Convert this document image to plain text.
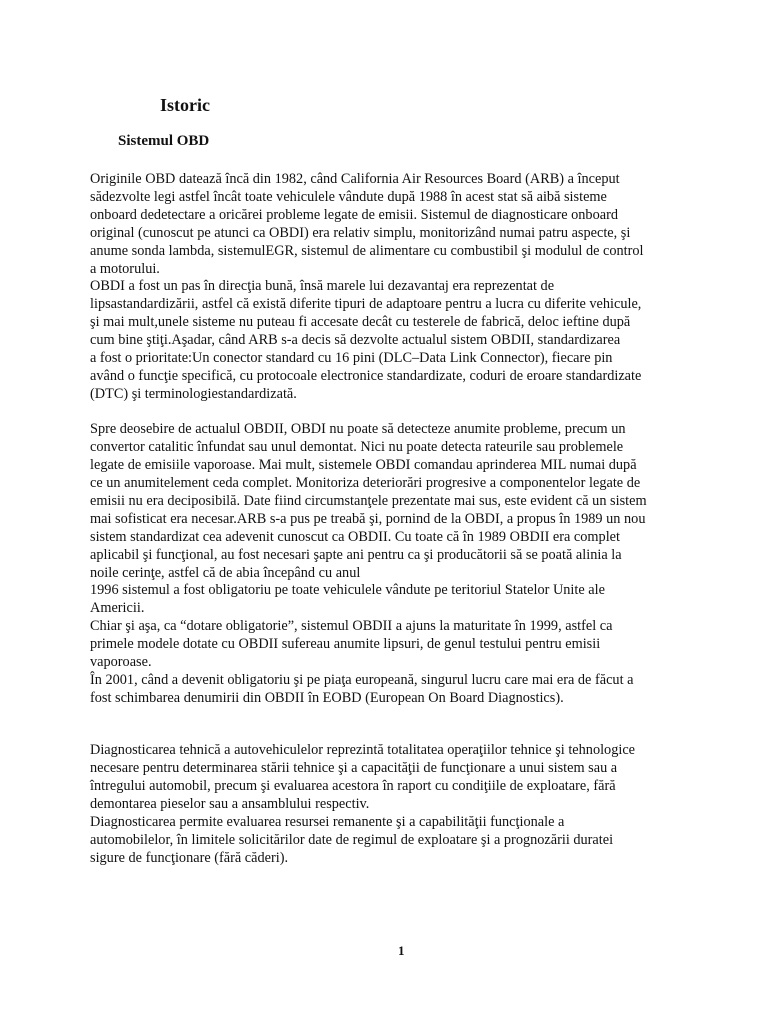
Istoric
Sistemul OBD

Originile OBD datează încă din 1982, când California Air Resources Board (ARB) a început

sădezvolte legi astfel încât toate vehiculele vândute după 1988 în acest stat să aibă sisteme

onboard dedetectare a oricărei probleme legate de emisii. Sistemul de diagnosticare onboard

original (cunoscut pe atunci ca OBDI) era relativ simplu, monitorizând numai patru aspecte, şi

anume sonda lambda, sistemulEGR, sistemul de alimentare cu combustibil şi modulul de control

a motorului.

OBDI a fost un pas în direcţia bună, însă marele lui dezavantaj era reprezentat de

lipsastandardizării, astfel că există diferite tipuri de adaptoare pentru a lucra cu diferite vehicule,

şi mai mult,unele sisteme nu puteau fi accesate decât cu testerele de fabrică, deloc ieftine după

cum bine ştiţi.Aşadar, când ARB s-a decis să dezvolte actualul sistem OBDII, standardizarea

a fost o prioritate:Un conector standard cu 16 pini (DLC–Data Link Connector), fiecare pin

având o funcţie specifică, cu protocoale electronice standardizate, coduri de eroare standardizate

(DTC) şi terminologiestandardizată.

Spre deosebire de actualul OBDII, OBDI nu poate să detecteze anumite probleme, precum un

convertor catalitic înfundat sau unul demontat. Nici nu poate detecta rateurile sau problemele

legate de emisiile vaporoase. Mai mult, sistemele OBDI comandau aprinderea MIL numai după

ce un anumitelement ceda complet. Monitoriza deteriorări progresive a componentelor legate de

emisii nu era deciposibilă. Date fiind circumstanţele prezentate mai sus, este evident că un sistem

mai sofisticat era necesar.ARB s-a pus pe treabă şi, pornind de la OBDI, a propus în 1989 un nou

sistem standardizat cea adevenit cunoscut ca OBDII. Cu toate că în 1989 OBDII era complet

aplicabil şi funcţional, au fost necesari şapte ani pentru ca şi producătorii să se poată alinia la

noile cerinţe, astfel că de abia începând cu anul

1996 sistemul a fost obligatoriu pe toate vehiculele vândute pe teritoriul Statelor Unite ale

Americii.

Chiar şi aşa, ca “dotare obligatorie”, sistemul OBDII a ajuns la maturitate în 1999, astfel ca

primele modele dotate cu OBDII sufereau anumite lipsuri, de genul testului pentru emisii

vaporoase.

În 2001, când a devenit obligatoriu şi pe piaţa europeană, singurul lucru care mai era de făcut a

fost schimbarea denumirii din OBDII în EOBD (European On Board Diagnostics).

Diagnosticarea tehnică a autovehiculelor reprezintă totalitatea operaţiilor tehnice şi tehnologice

necesare pentru determinarea stării tehnice şi a capacităţii de funcţionare a unui sistem sau a

întregului automobil, precum şi evaluarea acestora în raport cu condiţiile de exploatare, fără

demontarea pieselor sau a ansamblului respectiv.

Diagnosticarea permite evaluarea resursei remanente şi a capabilităţii funcţionale a

automobilelor, în limitele solicitărilor date de regimul de exploatare şi a prognozării duratei

sigure de funcţionare (fără căderi).

1
